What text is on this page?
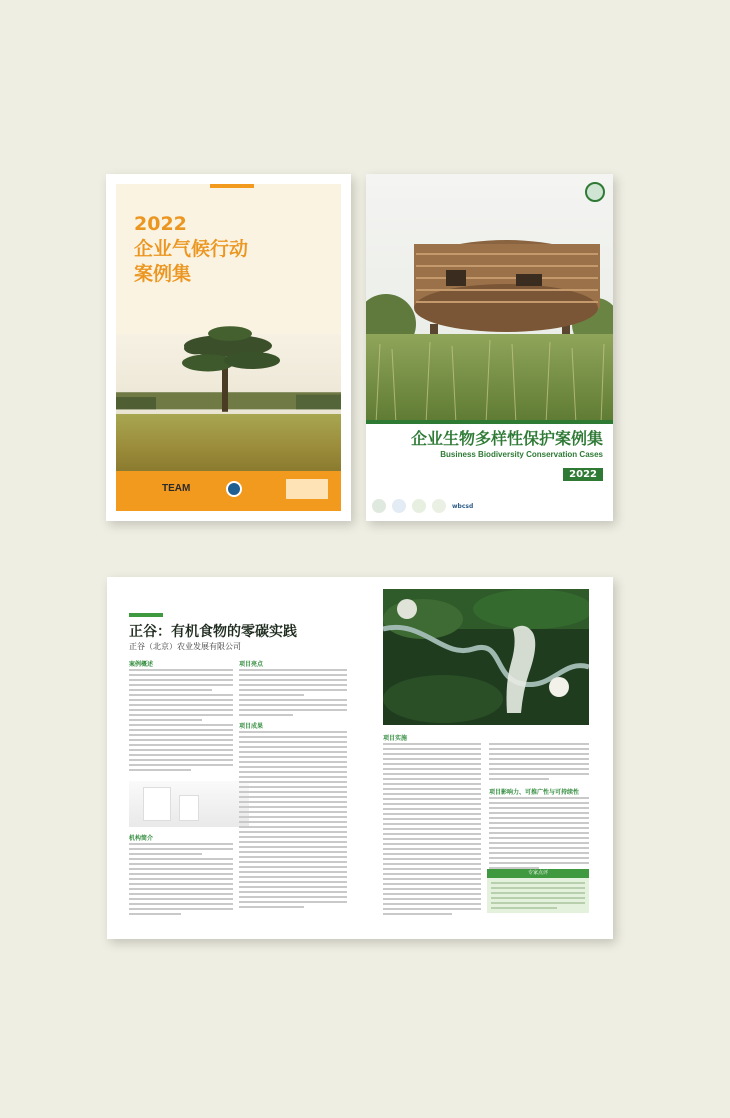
2022
企业气候行动
案例集
TEAM
企业生物多样性保护案例集
Business Biodiversity Conservation Cases
2022
wbcsd
正谷：有机食物的零碳实践
正谷（北京）农业发展有限公司
案例概述
机构简介
项目亮点
项目成果
项目实施
项目影响力、可推广性与可持续性
专家点评
